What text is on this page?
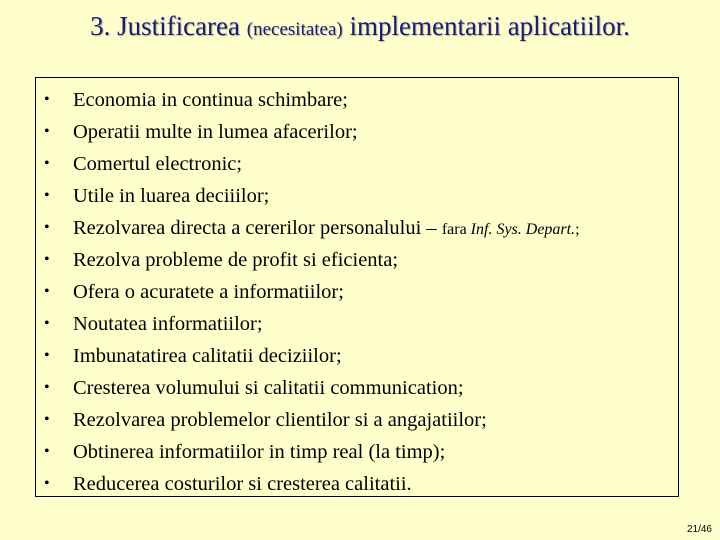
3. Justificarea (necesitatea) implementarii aplicatiilor.
• Economia in continua schimbare;
• Operatii multe in lumea afacerilor;
• Comertul electronic;
• Utile in luarea deciiilor;
• Rezolvarea directa a cererilor personalului – fara Inf. Sys. Depart.;
• Rezolva probleme de profit si eficienta;
• Ofera o acuratete a informatiilor;
• Noutatea informatiilor;
• Imbunatatirea calitatii deciziilor;
• Cresterea volumului si calitatii communication;
• Rezolvarea problemelor clientilor si a angajatiilor;
• Obtinerea informatiilor in timp real (la timp);
• Reducerea costurilor si cresterea calitatii.
21/46
